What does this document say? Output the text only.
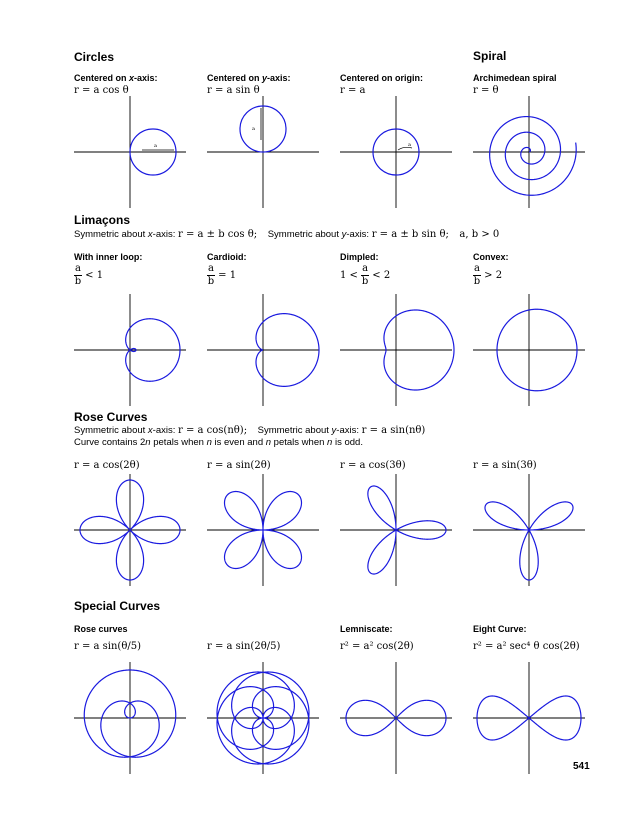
Circles	Spiral
Limaçons
Rose Curves
Special Curves
Centered on x-axis:
r = a cos θ
Centered on y-axis:
r = a sin θ
Centered on origin:
r = a
Archimedean spiral
r = θ
Symmetric about x-axis: r = a ± b cos θ; Symmetric about y-axis: r = a ± b sin θ; a, b > 0
With inner loop:
$\frac{a}{b} < 1$
Cardioid:
$\frac{a}{b} = 1$
Dimpled:
$1 < \frac{a}{b} < 2$
Convex:
$\frac{a}{b} > 2$
Symmetric about x-axis: r = a cos(nθ); Symmetric about y-axis: r = a sin(nθ)
Curve contains 2n petals when n is even and n petals when n is odd.
r = a cos(2θ)	r = a sin(2θ)	r = a cos(3θ)	r = a sin(3θ)
Rose curves
r = a sin(θ/5)	r = a sin(2θ/5)
Lemniscate:
r² = a² cos(2θ)
Eight Curve:
r² = a² sec⁴ θ cos(2θ)
541
a
a
a
